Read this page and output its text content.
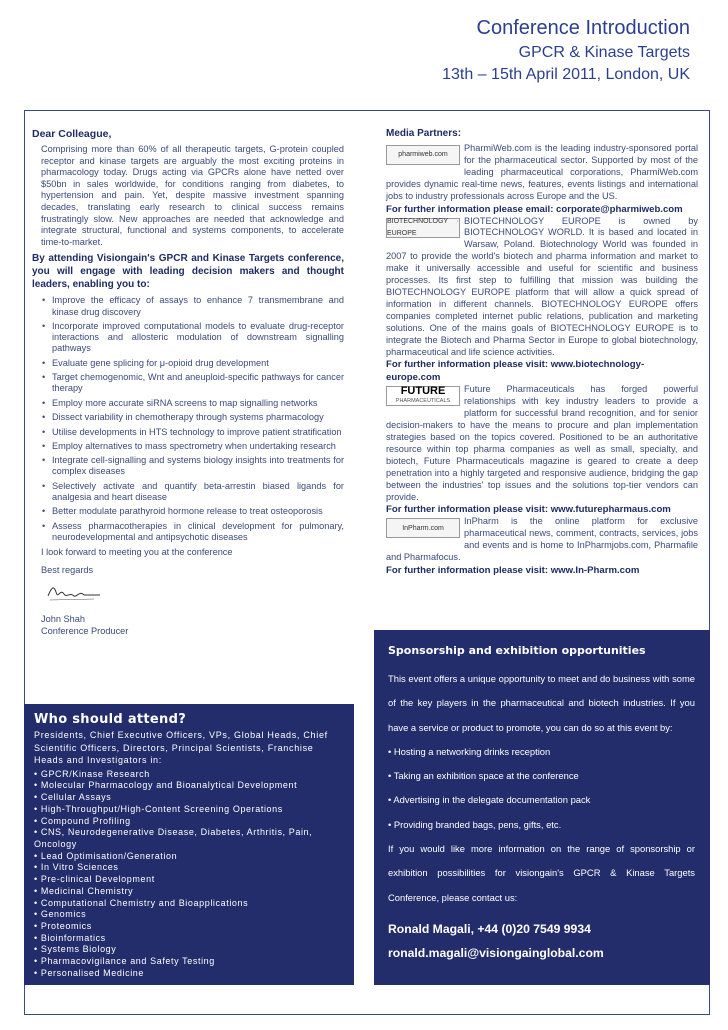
Conference Introduction
GPCR & Kinase Targets
13th – 15th April 2011, London, UK
Dear Colleague,
Comprising more than 60% of all therapeutic targets, G-protein coupled receptor and kinase targets are arguably the most exciting proteins in pharmacology today. Drugs acting via GPCRs alone have netted over $50bn in sales worldwide, for conditions ranging from diabetes, to hypertension and pain. Yet, despite massive investment spanning decades, translating early research to clinical success remains frustratingly slow. New approaches are needed that acknowledge and integrate structural, functional and systems components, to accelerate time-to-market.
By attending Visiongain's GPCR and Kinase Targets conference, you will engage with leading decision makers and thought leaders, enabling you to:
• Improve the efficacy of assays to enhance 7 transmembrane and kinase drug discovery
• Incorporate improved computational models to evaluate drug-receptor interactions and allosteric modulation of downstream signalling pathways
• Evaluate gene splicing for μ-opioid drug development
• Target chemogenomic, Wnt and aneuploid-specific pathways for cancer therapy
• Employ more accurate siRNA screens to map signalling networks
• Dissect variability in chemotherapy through systems pharmacology
• Utilise developments in HTS technology to improve patient stratification
• Employ alternatives to mass spectrometry when undertaking research
• Integrate cell-signalling and systems biology insights into treatments for complex diseases
• Selectively activate and quantify beta-arrestin biased ligands for analgesia and heart disease
• Better modulate parathyroid hormone release to treat osteoporosis
• Assess pharmacotherapies in clinical development for pulmonary, neurodevelopmental and antipsychotic diseases
I look forward to meeting you at the conference
Best regards
John Shah
Conference Producer
Media Partners:
pharmiweb.com
PharmiWeb.com is the leading industry-sponsored portal for the pharmaceutical sector. Supported by most of the leading pharmaceutical corporations, PharmiWeb.com provides dynamic real-time news, features, events listings and international jobs to industry professionals across Europe and the US.
For further information please email: corporate@pharmiweb.com
BIOTECHNOLOGY · EUROPE
BIOTECHNOLOGY EUROPE is owned by BIOTECHNOLOGY WORLD. It is based and located in Warsaw, Poland. Biotechnology World was founded in 2007 to provide the world's biotech and pharma information and market to make it universally accessible and useful for scientific and business processes. Its first step to fulfilling that mission was building the BIOTECHNOLOGY EUROPE platform that will allow a quick spread of information in different channels. BIOTECHNOLOGY EUROPE offers companies completed internet public relations, publication and marketing solutions. One of the mains goals of BIOTECHNOLOGY EUROPE is to integrate the Biotech and Pharma Sector in Europe to global biotechnology, pharmaceutical and life science activities.
For further information please visit: www.biotechnology-europe.com
FUTURE
PHARMACEUTICALS
Future Pharmaceuticals has forged powerful relationships with key industry leaders to provide a platform for successful brand recognition, and for senior decision-makers to have the means to procure and plan implementation strategies based on the topics covered. Positioned to be an authoritative resource within top pharma companies as well as small, specialty, and biotech, Future Pharmaceuticals magazine is geared to create a deep penetration into a highly targeted and responsive audience, bridging the gap between the industries' top issues and the solutions top-tier vendors can provide.
For further information please visit: www.futurepharmaus.com
InPharm.com
InPharm is the online platform for exclusive pharmaceutical news, comment, contracts, services, jobs and events and is home to InPharmjobs.com, Pharmafile and Pharmafocus.
For further information please visit: www.In-Pharm.com
Who should attend?
Presidents, Chief Executive Officers, VPs, Global Heads, Chief Scientific Officers, Directors, Principal Scientists, Franchise Heads and Investigators in:
• GPCR/Kinase Research
• Molecular Pharmacology and Bioanalytical Development
• Cellular Assays
• High-Throughput/High-Content Screening Operations
• Compound Profiling
• CNS, Neurodegenerative Disease, Diabetes, Arthritis, Pain, Oncology
• Lead Optimisation/Generation
• In Vitro Sciences
• Pre-clinical Development
• Medicinal Chemistry
• Computational Chemistry and Bioapplications
• Genomics
• Proteomics
• Bioinformatics
• Systems Biology
• Pharmacovigilance and Safety Testing
• Personalised Medicine
Sponsorship and exhibition opportunities

This event offers a unique opportunity to meet and do business with some of the key players in the pharmaceutical and biotech industries. If you have a service or product to promote, you can do so at this event by:

• Hosting a networking drinks reception
• Taking an exhibition space at the conference
• Advertising in the delegate documentation pack
• Providing branded bags, pens, gifts, etc.

If you would like more information on the range of sponsorship or exhibition possibilities for visiongain's GPCR & Kinase Targets Conference, please contact us:

Ronald Magali, +44 (0)20 7549 9934
ronald.magali@visiongainglobal.com
